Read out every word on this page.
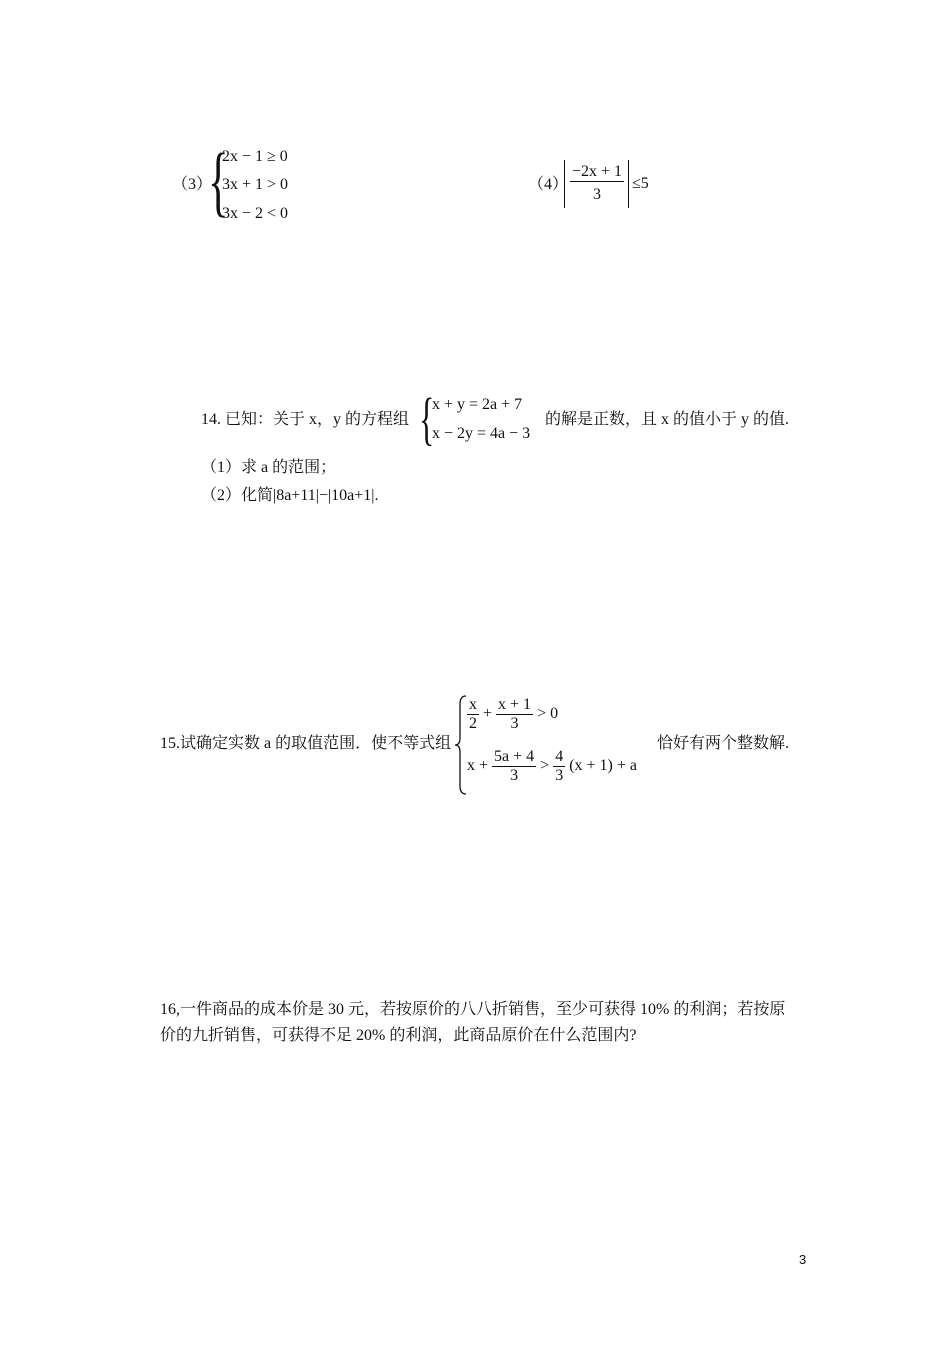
（3）
{
2x − 1 ≥ 0
3x + 1 > 0
3x − 2 < 0
（4）
$\frac{-2x + 1}{3}$
≤5
14. 已知：关于 x，y 的方程组 {
x + y = 2a + 7
x − 2y = 4a − 3
的解是正数，且 x 的值小于 y 的值.
（1）求 a 的范围；
（2）化简|8a+11|−|10a+1|.
15.试确定实数 a 的取值范围．使不等式组
$\frac{x}{2} + \frac{x + 1}{3} > 0$
$x + \frac{5a + 4}{3} > \frac{4}{3} (x + 1) + a$
恰好有两个整数解.
16,一件商品的成本价是 30 元，若按原价的八八折销售，至少可获得 10% 的利润；若按原
价的九折销售，可获得不足 20% 的利润，此商品原价在什么范围内?
3
